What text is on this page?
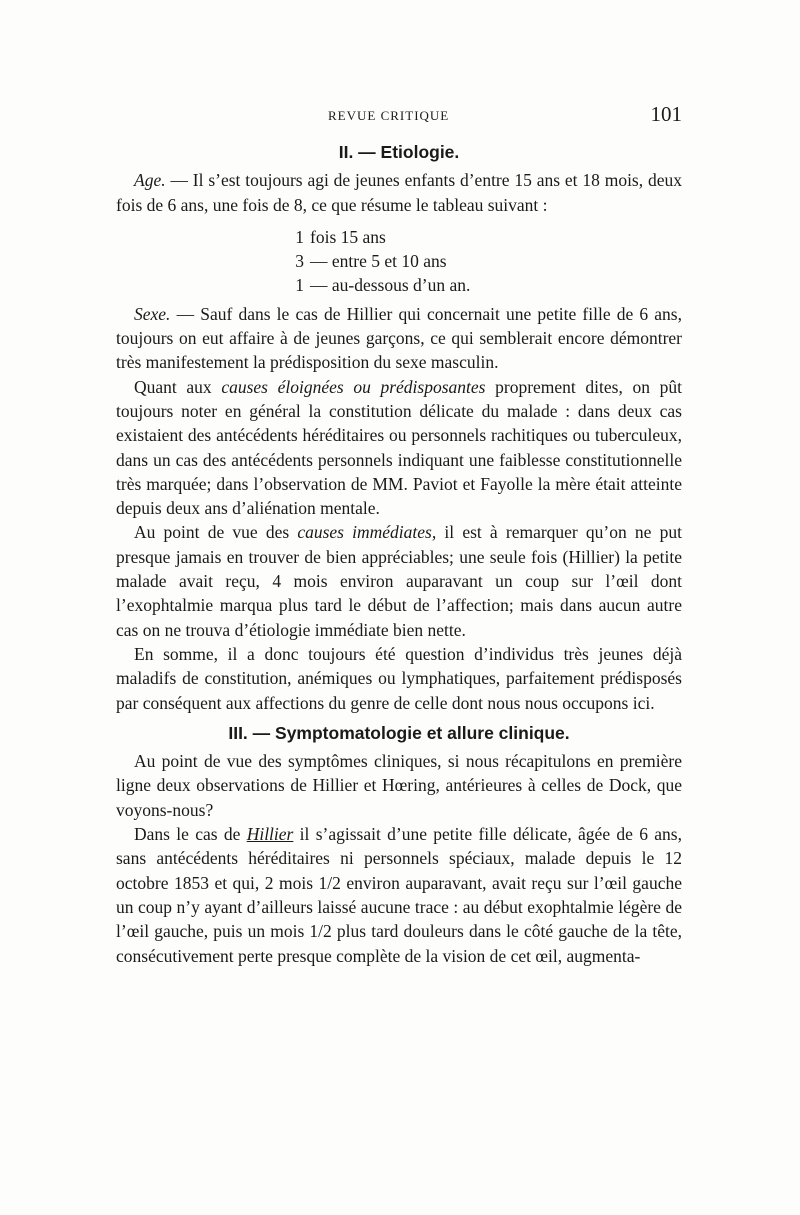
REVUE CRITIQUE	101
II. — Etiologie.

Age. — Il s’est toujours agi de jeunes enfants d’entre 15 ans et 18 mois, deux fois de 6 ans, une fois de 8, ce que résume le tableau suivant :

1 fois 15 ans
3 — entre 5 et 10 ans
1 — au-dessous d’un an.

Sexe. — Sauf dans le cas de Hillier qui concernait une petite fille de 6 ans, toujours on eut affaire à de jeunes garçons, ce qui semblerait encore démontrer très manifestement la prédisposition du sexe masculin.

Quant aux causes éloignées ou prédisposantes proprement dites, on pût toujours noter en général la constitution délicate du malade : dans deux cas existaient des antécédents héréditaires ou personnels rachitiques ou tuberculeux, dans un cas des antécédents personnels indiquant une faiblesse constitutionnelle très marquée; dans l’observation de MM. Paviot et Fayolle la mère était atteinte depuis deux ans d’aliénation mentale.

Au point de vue des causes immédiates, il est à remarquer qu’on ne put presque jamais en trouver de bien appréciables; une seule fois (Hillier) la petite malade avait reçu, 4 mois environ auparavant un coup sur l’œil dont l’exophtalmie marqua plus tard le début de l’affection; mais dans aucun autre cas on ne trouva d’étiologie immédiate bien nette.

En somme, il a donc toujours été question d’individus très jeunes déjà maladifs de constitution, anémiques ou lymphatiques, parfaitement prédisposés par conséquent aux affections du genre de celle dont nous nous occupons ici.

III. — Symptomatologie et allure clinique.

Au point de vue des symptômes cliniques, si nous récapitulons en première ligne deux observations de Hillier et Hœring, antérieures à celles de Dock, que voyons-nous?

Dans le cas de Hillier il s’agissait d’une petite fille délicate, âgée de 6 ans, sans antécédents héréditaires ni personnels spéciaux, malade depuis le 12 octobre 1853 et qui, 2 mois 1/2 environ auparavant, avait reçu sur l’œil gauche un coup n’y ayant d’ailleurs laissé aucune trace : au début exophtalmie légère de l’œil gauche, puis un mois 1/2 plus tard douleurs dans le côté gauche de la tête, consécutivement perte presque complète de la vision de cet œil, augmenta-
